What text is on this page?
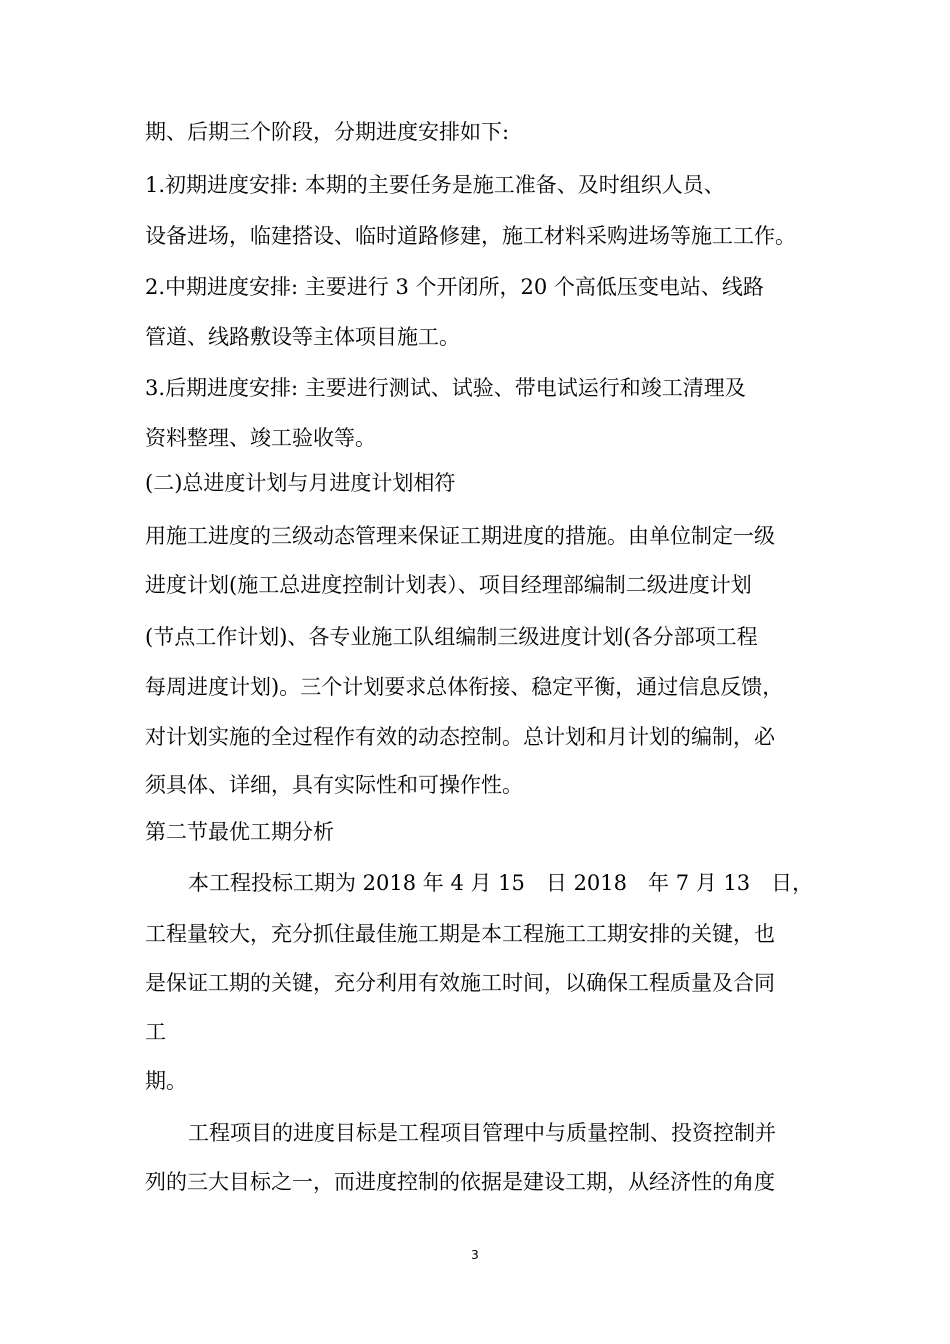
期、后期三个阶段，分期进度安排如下:
1.初期进度安排: 本期的主要任务是施工准备、及时组织人员、
设备进场，临建搭设、临时道路修建，施工材料采购进场等施工工作。
2.中期进度安排: 主要进行 3 个开闭所，20 个高低压变电站、线路
管道、线路敷设等主体项目施工。
3.后期进度安排: 主要进行测试、试验、带电试运行和竣工清理及
资料整理、竣工验收等。
(二)总进度计划与月进度计划相符
用施工进度的三级动态管理来保证工期进度的措施。由单位制定一级
进度计划(施工总进度控制计划表）、项目经理部编制二级进度计划
(节点工作计划)、各专业施工队组编制三级进度计划(各分部项工程
每周进度计划)。三个计划要求总体衔接、稳定平衡，通过信息反馈，
对计划实施的全过程作有效的动态控制。总计划和月计划的编制，必
须具体、详细，具有实际性和可操作性。
第二节最优工期分析
本工程投标工期为 2018 年 4 月 15　日 2018　年 7 月 13　日，
工程量较大，充分抓住最佳施工期是本工程施工工期安排的关键，也
是保证工期的关键，充分利用有效施工时间，以确保工程质量及合同
工
期。
工程项目的进度目标是工程项目管理中与质量控制、投资控制并
列的三大目标之一，而进度控制的依据是建设工期，从经济性的角度
3
